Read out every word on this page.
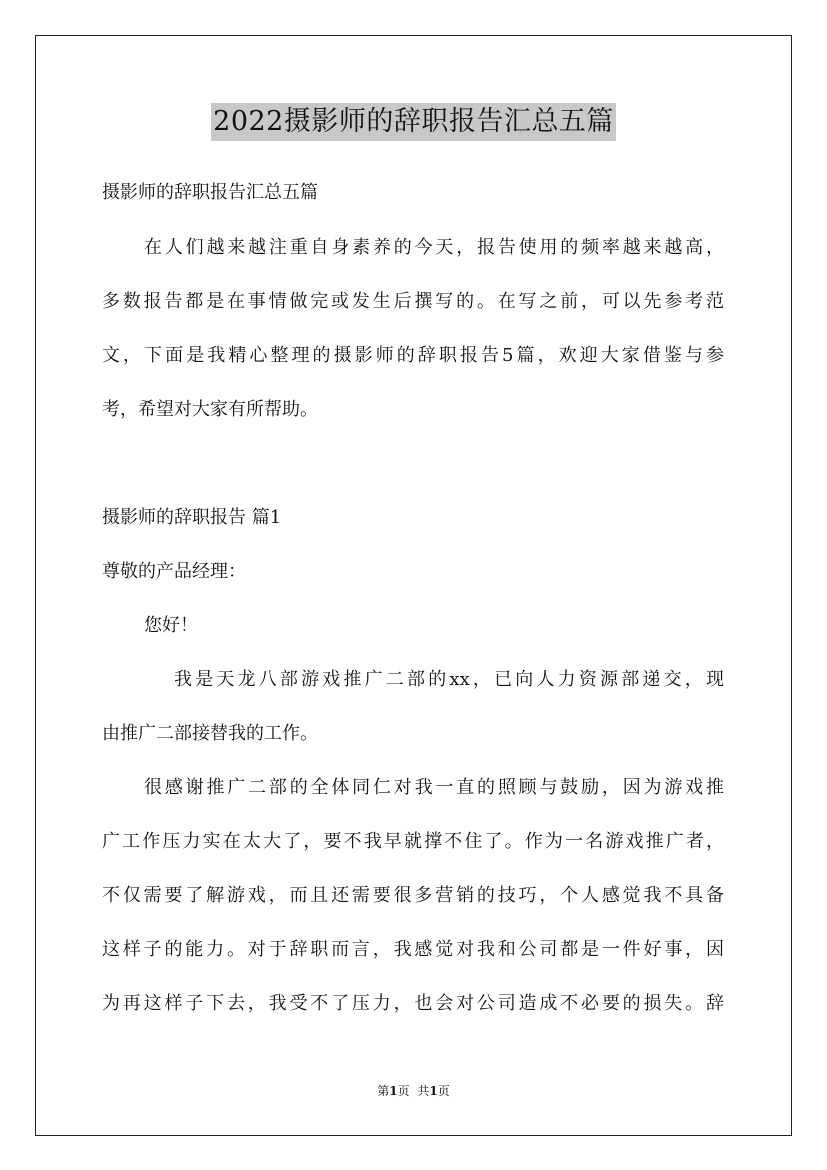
2022摄影师的辞职报告汇总五篇
摄影师的辞职报告汇总五篇
在人们越来越注重自身素养的今天，报告使用的频率越来越高，
多数报告都是在事情做完或发生后撰写的。在写之前，可以先参考范
文，下面是我精心整理的摄影师的辞职报告5篇，欢迎大家借鉴与参
考，希望对大家有所帮助。
摄影师的辞职报告 篇1
尊敬的产品经理：
您好！
我是天龙八部游戏推广二部的xx，已向人力资源部递交，现
由推广二部接替我的工作。
很感谢推广二部的全体同仁对我一直的照顾与鼓励，因为游戏推
广工作压力实在太大了，要不我早就撑不住了。作为一名游戏推广者，
不仅需要了解游戏，而且还需要很多营销的技巧，个人感觉我不具备
这样子的能力。对于辞职而言，我感觉对我和公司都是一件好事，因
为再这样子下去，我受不了压力，也会对公司造成不必要的损失。辞
第1页 共1页
